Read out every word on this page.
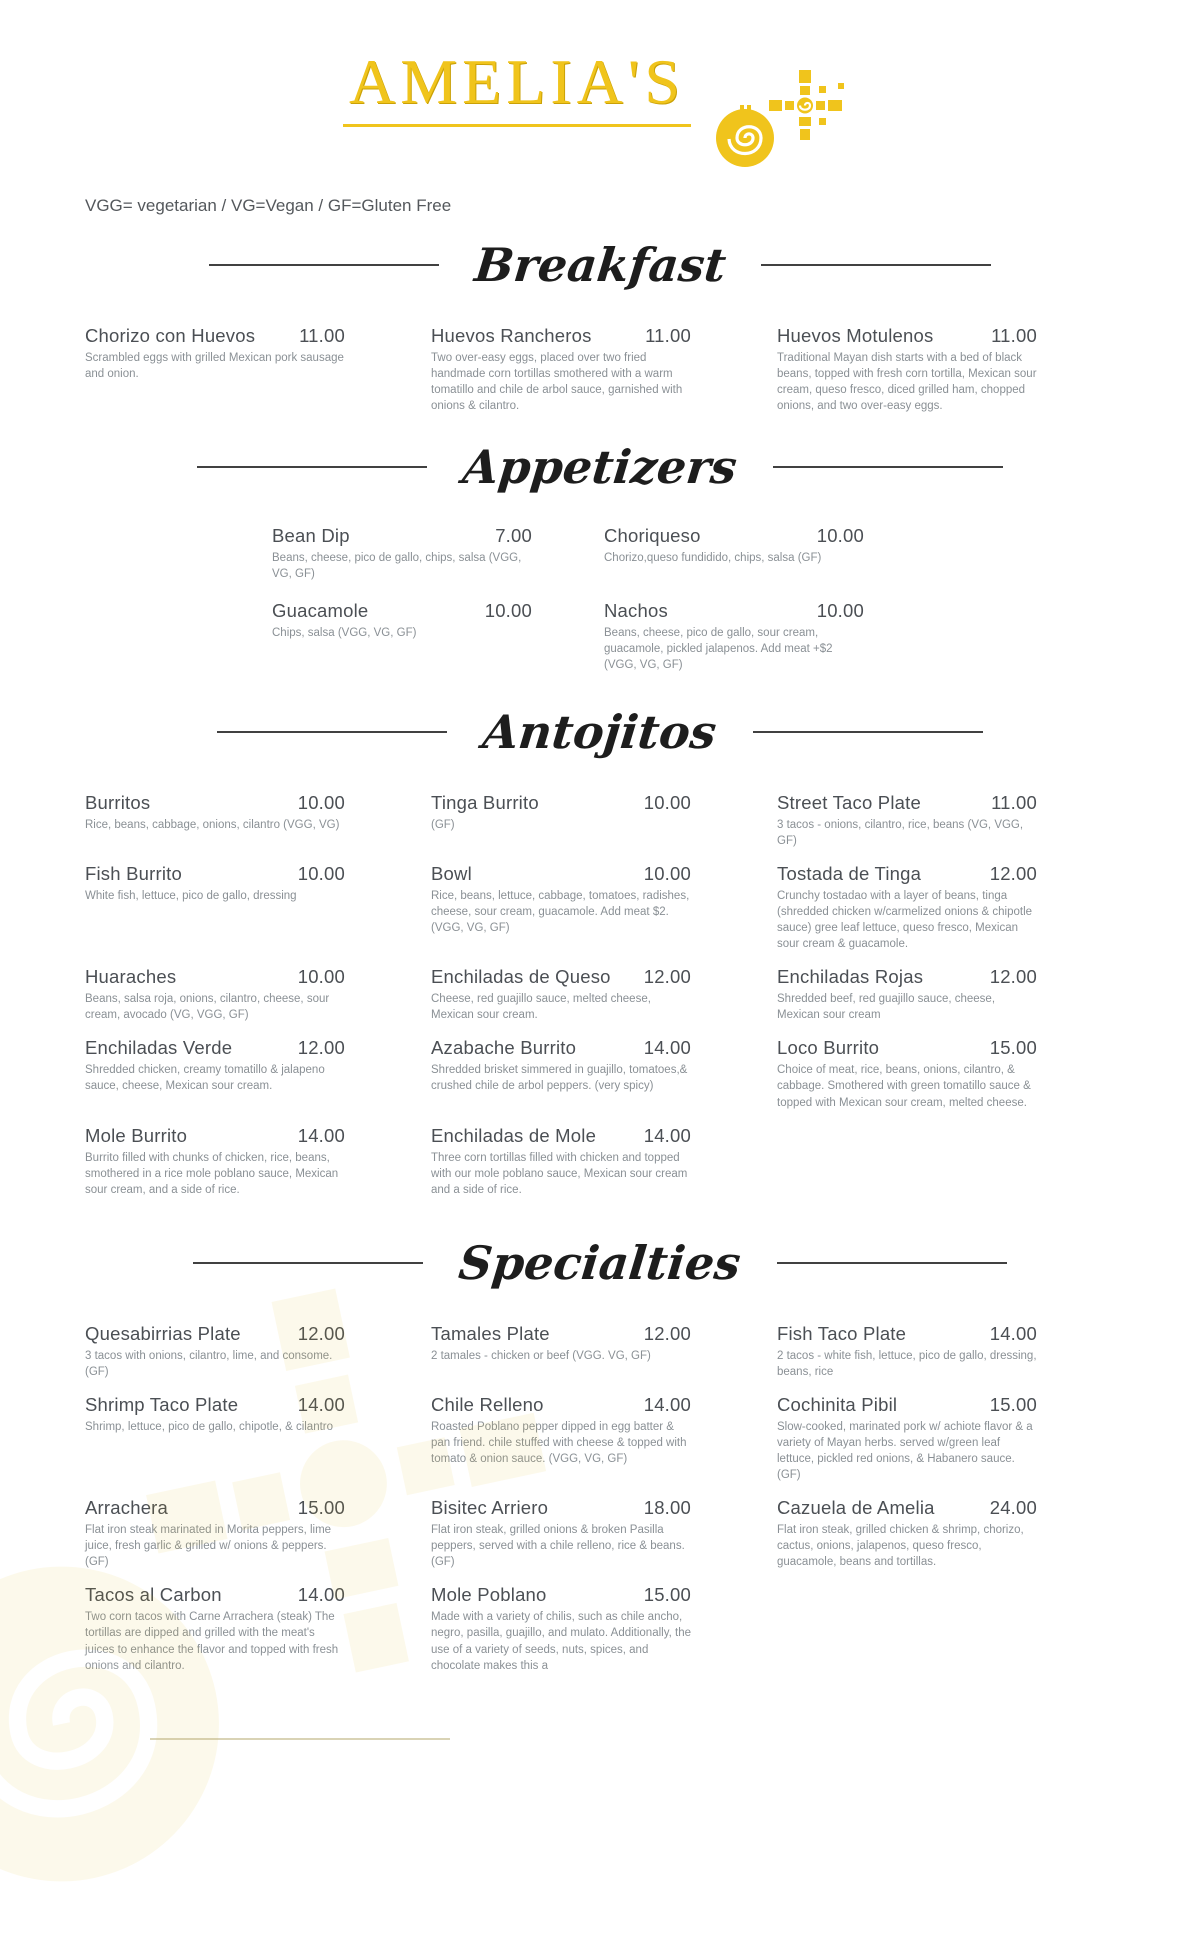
AMELIA'S
VGG= vegetarian / VG=Vegan / GF=Gluten Free
Breakfast
Chorizo con Huevos 11.00
Scrambled eggs with grilled Mexican pork sausage and onion.
Huevos Rancheros	11.00
Two over-easy eggs, placed over two fried handmade corn tortillas smothered with a warm tomatillo and chile de arbol sauce, garnished with onions & cilantro.
Huevos Motulenos	11.00
Traditional Mayan dish starts with a bed of black beans, topped with fresh corn tortilla, Mexican sour cream, queso fresco, diced grilled ham, chopped onions, and two over-easy eggs.
Appetizers
Bean Dip	7.00
Beans, cheese, pico de gallo, chips, salsa (VGG, VG, GF)
Guacamole	10.00
Chips, salsa (VGG, VG, GF)
Choriqueso	10.00
Chorizo,queso fundidido, chips, salsa (GF)
Nachos	10.00
Beans, cheese, pico de gallo, sour cream, guacamole, pickled jalapenos. Add meat +$2 (VGG, VG, GF)
Antojitos
Burritos	10.00
Rice, beans, cabbage, onions, cilantro (VGG, VG)
Fish Burrito	10.00
White fish, lettuce, pico de gallo, dressing
Huaraches	10.00
Beans, salsa roja, onions, cilantro, cheese, sour cream, avocado (VG, VGG, GF)
Enchiladas Verde	12.00
Shredded chicken, creamy tomatillo & jalapeno sauce, cheese, Mexican sour cream.
Mole Burrito	14.00
Burrito filled with chunks of chicken, rice, beans, smothered in a rice mole poblano sauce, Mexican sour cream, and a side of rice.
Tinga Burrito	10.00
(GF)
Bowl	10.00
Rice, beans, lettuce, cabbage, tomatoes, radishes, cheese, sour cream, guacamole. Add meat $2. (VGG, VG, GF)
Enchiladas de Queso 12.00
Cheese, red guajillo sauce, melted cheese, Mexican sour cream.
Azabache Burrito	14.00
Shredded brisket simmered in guajillo, tomatoes,& crushed chile de arbol peppers. (very spicy)
Enchiladas de Mole	14.00
Three corn tortillas filled with chicken and topped with our mole poblano sauce, Mexican sour cream and a side of rice.
Street Taco Plate	11.00
3 tacos - onions, cilantro, rice, beans (VG, VGG, GF)
Tostada de Tinga	12.00
Crunchy tostadao with a layer of beans, tinga (shredded chicken w/carmelized onions & chipotle sauce) gree leaf lettuce, queso fresco, Mexican sour cream & guacamole.
Enchiladas Rojas	12.00
Shredded beef, red guajillo sauce, cheese, Mexican sour cream
Loco Burrito	15.00
Choice of meat, rice, beans, onions, cilantro, & cabbage. Smothered with green tomatillo sauce & topped with Mexican sour cream, melted cheese.
Specialties
Quesabirrias Plate	12.00
3 tacos with onions, cilantro, lime, and consome. (GF)
Shrimp Taco Plate	14.00
Shrimp, lettuce, pico de gallo, chipotle, & cilantro
Arrachera	15.00
Flat iron steak marinated in Morita peppers, lime juice, fresh garlic & grilled w/ onions & peppers. (GF)
Tacos al Carbon	14.00
Two corn tacos with Carne Arrachera (steak) The tortillas are dipped and grilled with the meat's juices to enhance the flavor and topped with fresh onions and cilantro.
Tamales Plate	12.00
2 tamales - chicken or beef (VGG. VG, GF)
Chile Relleno	14.00
Roasted Poblano pepper dipped in egg batter & pan friend. chile stuffed with cheese & topped with tomato & onion sauce. (VGG, VG, GF)
Bisitec Arriero	18.00
Flat iron steak, grilled onions & broken Pasilla peppers, served with a chile relleno, rice & beans. (GF)
Mole Poblano	15.00
Made with a variety of chilis, such as chile ancho, negro, pasilla, guajillo, and mulato. Additionally, the use of a variety of seeds, nuts, spices, and chocolate makes this a
Fish Taco Plate	14.00
2 tacos - white fish, lettuce, pico de gallo, dressing, beans, rice
Cochinita Pibil	15.00
Slow-cooked, marinated pork w/ achiote flavor & a variety of Mayan herbs. served w/green leaf lettuce, pickled red onions, & Habanero sauce. (GF)
Cazuela de Amelia	24.00
Flat iron steak, grilled chicken & shrimp, chorizo, cactus, onions, jalapenos, queso fresco, guacamole, beans and tortillas.
